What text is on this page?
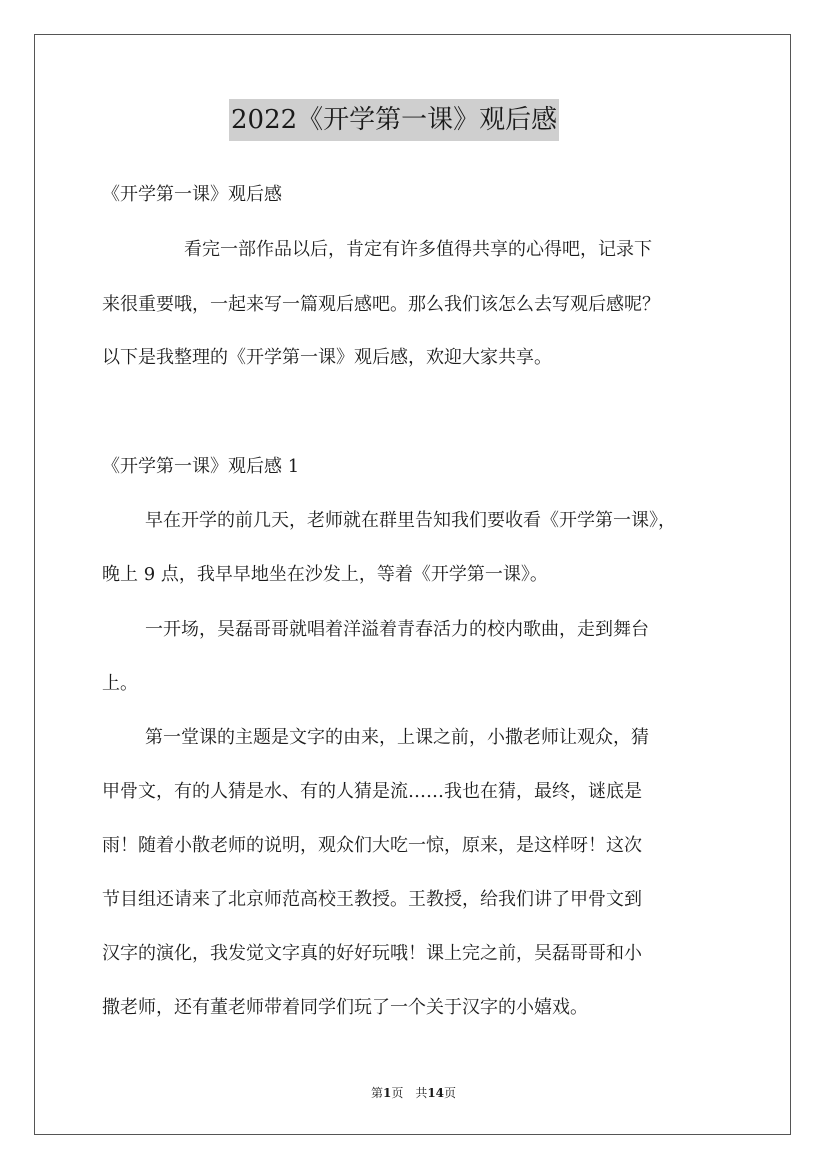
2022《开学第一课》观后感
《开学第一课》观后感
看完一部作品以后，肯定有许多值得共享的心得吧，记录下
来很重要哦，一起来写一篇观后感吧。那么我们该怎么去写观后感呢？
以下是我整理的《开学第一课》观后感，欢迎大家共享。
《开学第一课》观后感 1
早在开学的前几天，老师就在群里告知我们要收看《开学第一课》，
晚上 9 点，我早早地坐在沙发上，等着《开学第一课》。
一开场，吴磊哥哥就唱着洋溢着青春活力的校内歌曲，走到舞台
上。
第一堂课的主题是文字的由来，上课之前，小撒老师让观众，猜
甲骨文，有的人猜是水、有的人猜是流……我也在猜，最终，谜底是
雨！随着小散老师的说明，观众们大吃一惊，原来，是这样呀！这次
节目组还请来了北京师范高校王教授。王教授，给我们讲了甲骨文到
汉字的演化，我发觉文字真的好好玩哦！课上完之前，吴磊哥哥和小
撒老师，还有董老师带着同学们玩了一个关于汉字的小嬉戏。
第1页　共14页
